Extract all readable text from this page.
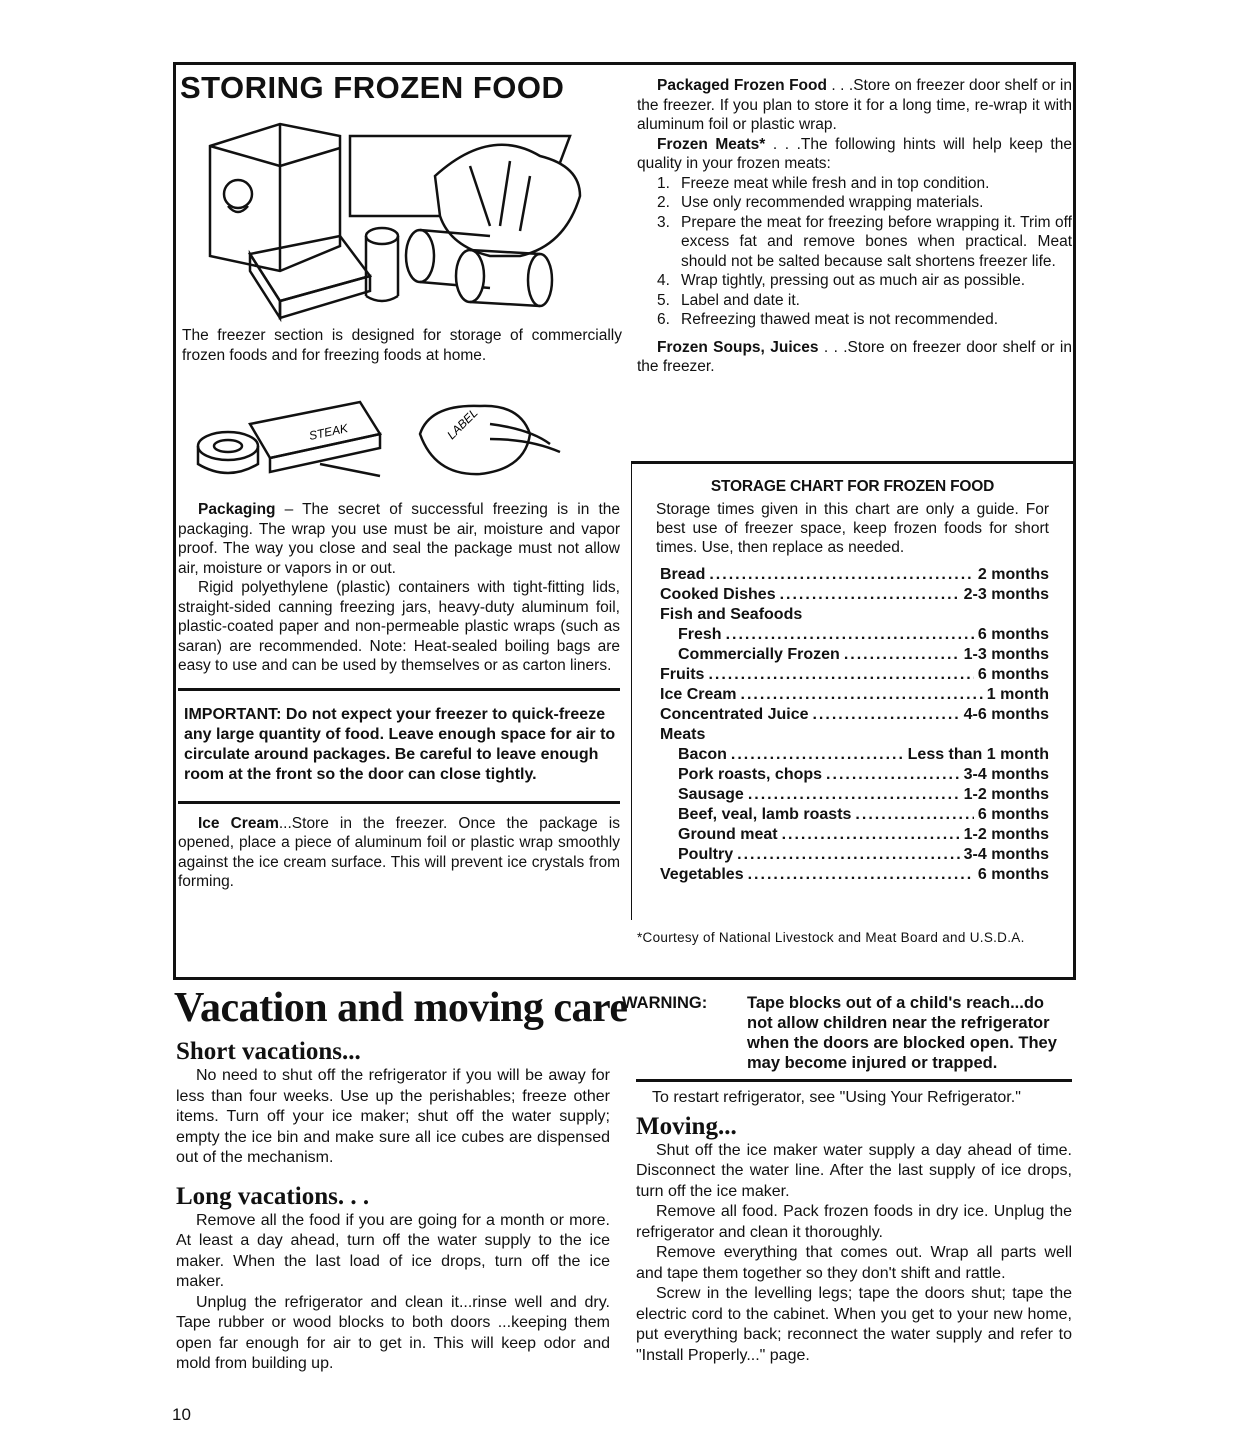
STORING FROZEN FOOD

The freezer section is designed for storage of commercially frozen foods and for freezing foods at home.

STEAK	LABEL

Packaging – The secret of successful freezing is in the packaging. The wrap you use must be air, moisture and vapor proof. The way you close and seal the package must not allow air, moisture or vapors in or out.

Rigid polyethylene (plastic) containers with tight-fitting lids, straight-sided canning freezing jars, heavy-duty aluminum foil, plastic-coated paper and non-permeable plastic wraps (such as saran) are recommended. Note: Heat-sealed boiling bags are easy to use and can be used by themselves or as carton liners.

IMPORTANT: Do not expect your freezer to quick-freeze any large quantity of food. Leave enough space for air to circulate around packages. Be careful to leave enough room at the front so the door can close tightly.

Ice Cream...Store in the freezer. Once the package is opened, place a piece of aluminum foil or plastic wrap smoothly against the ice cream surface. This will prevent ice crystals from forming.

Packaged Frozen Food . . .Store on freezer door shelf or in the freezer. If you plan to store it for a long time, re-wrap it with aluminum foil or plastic wrap.

Frozen Meats* . . .The following hints will help keep the quality in your frozen meats:

1. Freeze meat while fresh and in top condition.
2. Use only recommended wrapping materials.
3. Prepare the meat for freezing before wrapping it. Trim off excess fat and remove bones when practical. Meat should not be salted because salt shortens freezer life.
4. Wrap tightly, pressing out as much air as possible.
5. Label and date it.
6. Refreezing thawed meat is not recommended.

Frozen Soups, Juices . . .Store on freezer door shelf or in the freezer.

STORAGE CHART FOR FROZEN FOOD

Storage times given in this chart are only a guide. For best use of freezer space, keep frozen foods for short times. Use, then replace as needed.

Bread .....	2 months
Cooked Dishes .....	2-3 months
Fish and Seafoods
Fresh .....	6 months
Commercially Frozen .....	1-3 months
Fruits .....	6 months
Ice Cream .....	1 month
Concentrated Juice .....	4-6 months
Meats
Bacon .....	Less than 1 month
Pork roasts, chops .....	3-4 months
Sausage .....	1-2 months
Beef, veal, lamb roasts .....	6 months
Ground meat .....	1-2 months
Poultry .....	3-4 months
Vegetables .....	6 months
*Courtesy of National Livestock and Meat Board and U.S.D.A.
Vacation and moving care
Short vacations...

No need to shut off the refrigerator if you will be away for less than four weeks. Use up the perishables; freeze other items. Turn off your ice maker; shut off the water supply; empty the ice bin and make sure all ice cubes are dispensed out of the mechanism.

Long vacations. . .

Remove all the food if you are going for a month or more. At least a day ahead, turn off the water supply to the ice maker. When the last load of ice drops, turn off the ice maker.

Unplug the refrigerator and clean it...rinse well and dry. Tape rubber or wood blocks to both doors ...keeping them open far enough for air to get in. This will keep odor and mold from building up.

WARNING: Tape blocks out of a child's reach...do not allow children near the refrigerator when the doors are blocked open. They may become injured or trapped.

To restart refrigerator, see "Using Your Refrigerator."

Moving...

Shut off the ice maker water supply a day ahead of time. Disconnect the water line. After the last supply of ice drops, turn off the ice maker.

Remove all food. Pack frozen foods in dry ice. Unplug the refrigerator and clean it thoroughly.

Remove everything that comes out. Wrap all parts well and tape them together so they don't shift and rattle.

Screw in the levelling legs; tape the doors shut; tape the electric cord to the cabinet. When you get to your new home, put everything back; reconnect the water supply and refer to "Install Properly..." page.

10
